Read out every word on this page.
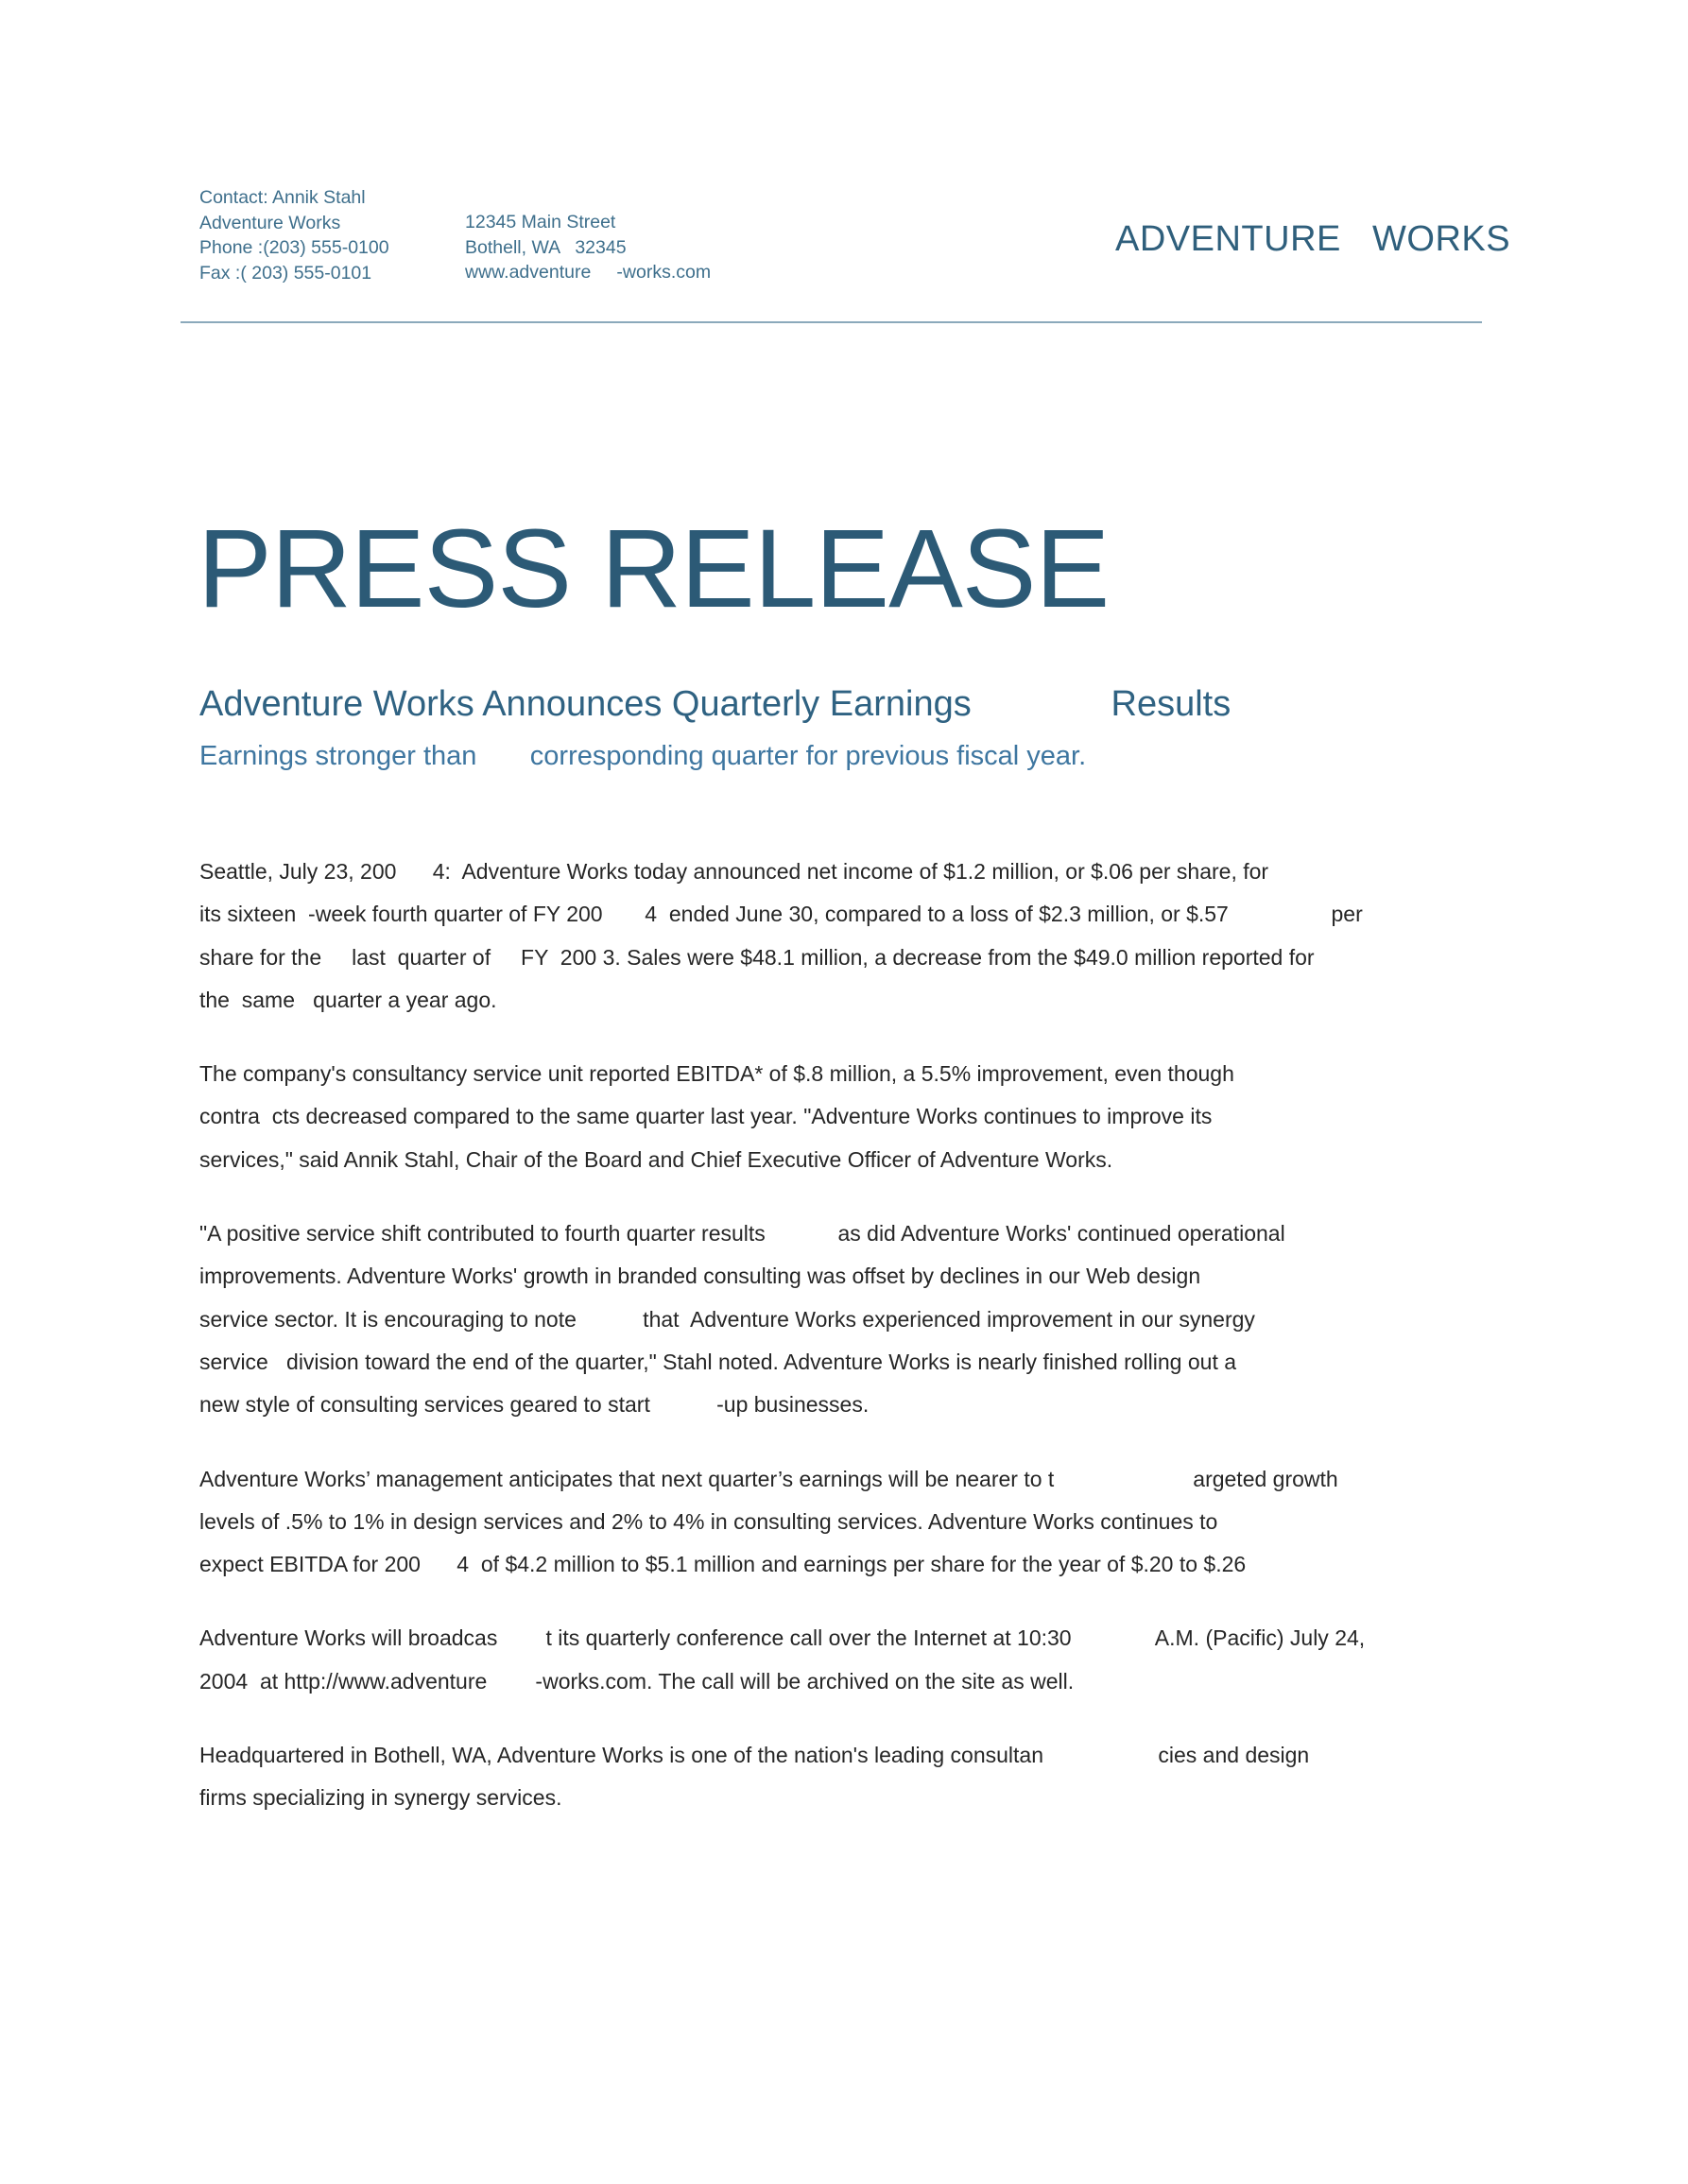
Contact: Annik Stahl
Adventure Works
Phone :(203) 555-0100
Fax :( 203) 555-0101
12345 Main Street
Bothell, WA   32345
www.adventure     -works.com
ADVENTURE   WORKS
PRESS RELEASE
Adventure Works Announces Quarterly Earnings              Results
Earnings stronger than       corresponding quarter for previous fiscal year.
Seattle, July 23, 200      4:  Adventure Works today announced net income of $1.2 million, or $.06 per share, for
its sixteen  -week fourth quarter of FY 200       4  ended June 30, compared to a loss of $2.3 million, or $.57                 per
share for the     last  quarter of     FY  200 3. Sales were $48.1 million, a decrease from the $49.0 million reported for
the  same   quarter a year ago.
The company's consultancy service unit reported EBITDA* of $.8 million, a 5.5% improvement, even though
contra  cts decreased compared to the same quarter last year. "Adventure Works continues to improve its
services," said Annik Stahl, Chair of the Board and Chief Executive Officer of Adventure Works.
"A positive service shift contributed to fourth quarter results            as did Adventure Works' continued operational
improvements. Adventure Works' growth in branded consulting was offset by declines in our Web design
service sector. It is encouraging to note           that  Adventure Works experienced improvement in our synergy
service   division toward the end of the quarter," Stahl noted. Adventure Works is nearly finished rolling out a
new style of consulting services geared to start           -up businesses.
Adventure Works’ management anticipates that next quarter’s earnings will be nearer to t                       argeted growth
levels of .5% to 1% in design services and 2% to 4% in consulting services. Adventure Works continues to
expect EBITDA for 200      4  of $4.2 million to $5.1 million and earnings per share for the year of $.20 to $.26
Adventure Works will broadcas        t its quarterly conference call over the Internet at 10:30              A.M. (Pacific) July 24,
2004  at http://www.adventure        -works.com. The call will be archived on the site as well.
Headquartered in Bothell, WA, Adventure Works is one of the nation's leading consultan                   cies and design
firms specializing in synergy services.
